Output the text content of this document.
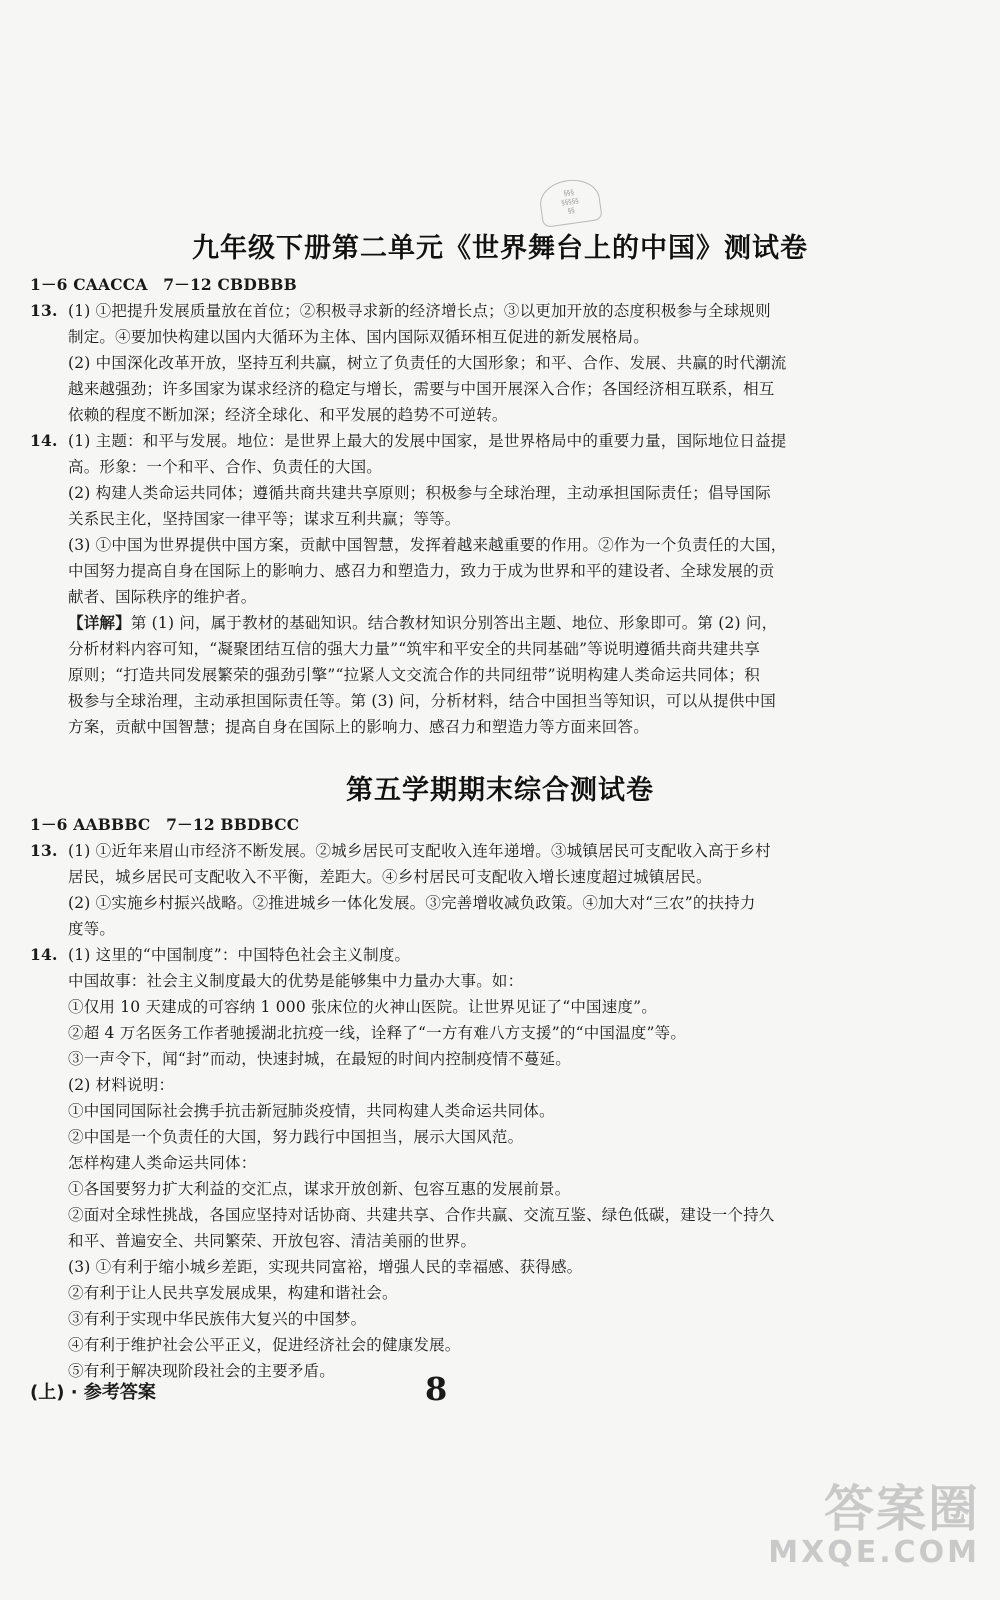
§§§
§§§§§
§§
九年级下册第二单元《世界舞台上的中国》测试卷
1－6 CAACCA　7－12 CBDBBB
13. (1) ①把提升发展质量放在首位；②积极寻求新的经济增长点；③以更加开放的态度积极参与全球规则
制定。④要加快构建以国内大循环为主体、国内国际双循环相互促进的新发展格局。
(2) 中国深化改革开放，坚持互利共赢，树立了负责任的大国形象；和平、合作、发展、共赢的时代潮流
越来越强劲；许多国家为谋求经济的稳定与增长，需要与中国开展深入合作；各国经济相互联系，相互
依赖的程度不断加深；经济全球化、和平发展的趋势不可逆转。
14. (1) 主题：和平与发展。地位：是世界上最大的发展中国家，是世界格局中的重要力量，国际地位日益提
高。形象：一个和平、合作、负责任的大国。
(2) 构建人类命运共同体；遵循共商共建共享原则；积极参与全球治理，主动承担国际责任；倡导国际
关系民主化，坚持国家一律平等；谋求互利共赢；等等。
(3) ①中国为世界提供中国方案，贡献中国智慧，发挥着越来越重要的作用。②作为一个负责任的大国，
中国努力提高自身在国际上的影响力、感召力和塑造力，致力于成为世界和平的建设者、全球发展的贡
献者、国际秩序的维护者。
【详解】第 (1) 问，属于教材的基础知识。结合教材知识分别答出主题、地位、形象即可。第 (2) 问，
分析材料内容可知，“凝聚团结互信的强大力量”“筑牢和平安全的共同基础”等说明遵循共商共建共享
原则；“打造共同发展繁荣的强劲引擎”“拉紧人文交流合作的共同纽带”说明构建人类命运共同体；积
极参与全球治理，主动承担国际责任等。第 (3) 问，分析材料，结合中国担当等知识，可以从提供中国
方案，贡献中国智慧；提高自身在国际上的影响力、感召力和塑造力等方面来回答。
第五学期期末综合测试卷
1－6 AABBBC　7－12 BBDBCC
13. (1) ①近年来眉山市经济不断发展。②城乡居民可支配收入连年递增。③城镇居民可支配收入高于乡村
居民，城乡居民可支配收入不平衡，差距大。④乡村居民可支配收入增长速度超过城镇居民。
(2) ①实施乡村振兴战略。②推进城乡一体化发展。③完善增收减负政策。④加大对“三农”的扶持力
度等。
14. (1) 这里的“中国制度”：中国特色社会主义制度。
中国故事：社会主义制度最大的优势是能够集中力量办大事。如：
①仅用 10 天建成的可容纳 1 000 张床位的火神山医院。让世界见证了“中国速度”。
②超 4 万名医务工作者驰援湖北抗疫一线，诠释了“一方有难八方支援”的“中国温度”等。
③一声令下，闻“封”而动，快速封城，在最短的时间内控制疫情不蔓延。
(2) 材料说明：
①中国同国际社会携手抗击新冠肺炎疫情，共同构建人类命运共同体。
②中国是一个负责任的大国，努力践行中国担当，展示大国风范。
怎样构建人类命运共同体：
①各国要努力扩大利益的交汇点，谋求开放创新、包容互惠的发展前景。
②面对全球性挑战，各国应坚持对话协商、共建共享、合作共赢、交流互鉴、绿色低碳，建设一个持久
和平、普遍安全、共同繁荣、开放包容、清洁美丽的世界。
(3) ①有利于缩小城乡差距，实现共同富裕，增强人民的幸福感、获得感。
②有利于让人民共享发展成果，构建和谐社会。
③有利于实现中华民族伟大复兴的中国梦。
④有利于维护社会公平正义，促进经济社会的健康发展。
⑤有利于解决现阶段社会的主要矛盾。
(上) · 参考答案	8
答案圈
MXQE.COM
